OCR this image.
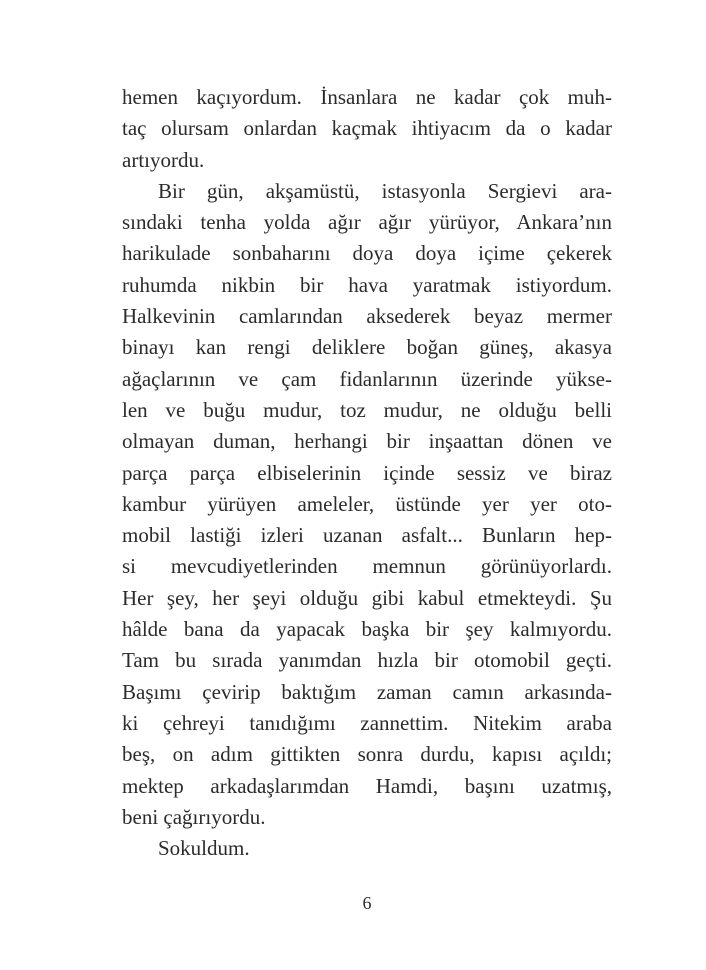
hemen kaçıyordum. İnsanlara ne kadar çok muh-
taç olursam onlardan kaçmak ihtiyacım da o kadar
artıyordu.
Bir gün, akşamüstü, istasyonla Sergievi ara-
sındaki tenha yolda ağır ağır yürüyor, Ankara’nın
harikulade sonbaharını doya doya içime çekerek
ruhumda nikbin bir hava yaratmak istiyordum.
Halkevinin camlarından aksederek beyaz mermer
binayı kan rengi deliklere boğan güneş, akasya
ağaçlarının ve çam fidanlarının üzerinde yükse-
len ve buğu mudur, toz mudur, ne olduğu belli
olmayan duman, herhangi bir inşaattan dönen ve
parça parça elbiselerinin içinde sessiz ve biraz
kambur yürüyen ameleler, üstünde yer yer oto-
mobil lastiği izleri uzanan asfalt... Bunların hep-
si mevcudiyetlerinden memnun görünüyorlardı.
Her şey, her şeyi olduğu gibi kabul etmekteydi. Şu
hâlde bana da yapacak başka bir şey kalmıyordu.
Tam bu sırada yanımdan hızla bir otomobil geçti.
Başımı çevirip baktığım zaman camın arkasında-
ki çehreyi tanıdığımı zannettim. Nitekim araba
beş, on adım gittikten sonra durdu, kapısı açıldı;
mektep arkadaşlarımdan Hamdi, başını uzatmış,
beni çağırıyordu.
Sokuldum.
6
